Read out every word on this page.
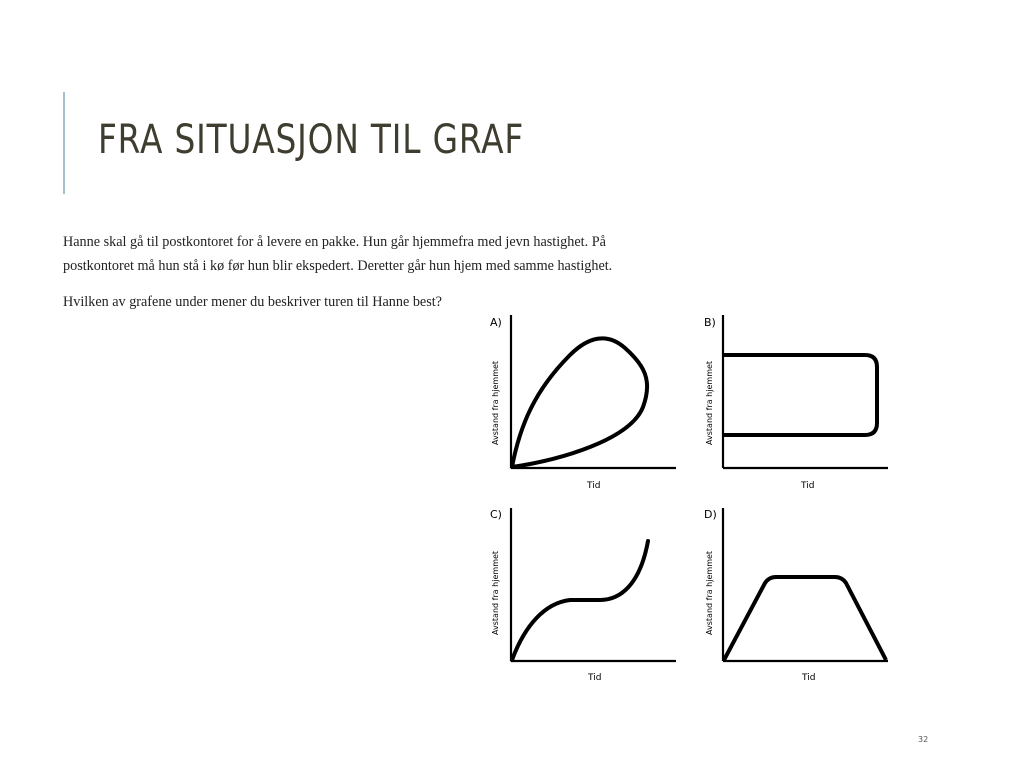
FRA SITUASJON TIL GRAF

Hanne skal gå til postkontoret for å levere en pakke. Hun går hjemmefra med jevn hastighet. På postkontoret må hun stå i kø før hun blir ekspedert. Deretter går hun hjem med samme hastighet.

Hvilken av grafene under mener du beskriver turen til Hanne best?

A)
Avstand fra hjemmet
Tid
B)
Avstand fra hjemmet
Tid
C)
Avstand fra hjemmet
Tid
D)
Avstand fra hjemmet
Tid
32
